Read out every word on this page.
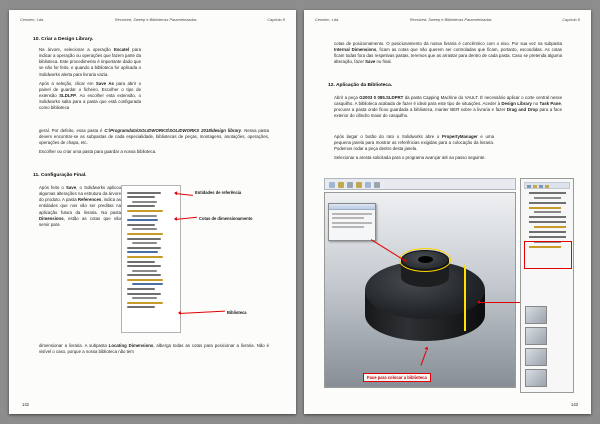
Cenotec, Lda.	Revolved, Sweep e Bibliotecas Parametrizadas	Capítulo 8
10. Criar a Design Library.

Na árvore, selecionar a operação Escatel para indicar a operação ou operações que fazem parte da biblioteca. Este procedimento é importante dado que se não for feito, e quando a biblioteca for aplicada o Solidworks alerta para livraria vazia.

Após a seleção, clicar em Save As para abrir o painel de guardar o ficheiro. Escolher o tipo de extensão SLDLFP. Ao escolher esta extensão, o Solidworks salta para a pasta que está configurada como biblioteca

geral. Por defeito, essa pasta é C:\Programdata\SOLIDWORKS\SOLIDWORKS 2018\design library. Nessa pasta devem encontrar-se as subpastas de cada especialidade, bibliotecas de peças, montagens, anotações, operações, operações de chapa, etc.

Escolher ou criar uma pasta para guardar a nossa biblioteca.

11. Configuração Final.

Após feito o Save, o Solidworks aplicou algumas alterações na estrutura da árvore do produto. A pasta References, indica as entidades que nos vão ser preditas na aplicação futura da livraria. Na pasta Dimensions, estão as cotas que vão servir para

Entidades de referência
Cotas de dimensionamento
Biblioteca

dimensionar a livraria. A subpasta Locating Dimensions, alberga todas as cotas para posicionar a livraria. Não é visível o caso, porque a nossa biblioteca não tem

142
Cenotec, Lda.	Revolved, Sweep e Bibliotecas Parametrizadas	Capítulo 8

cotas de posicionamento. O posicionamento da nossa livraria é concêntrico com o eixo. Por sua vez na subpasta Internal Dimensions, ficam as cotas que não querem ser controladas que ficam, portanto, escondidas. As cotas ficam todas fora das respetivas pastas, teremos que as arrastar para dentro de cada pasta. Caso se pretenda alguma alteração, fazer Save no final.

12. Aplicação da Biblioteca.

Abrir a peça G2003 0 085.SLDPRT da pasta Capping Machine do VAULT. É necessário aplicar o corte central nesse casquilho. A biblioteca acabada de fazer é ideal para este tipo de situações. Aceder à Design Library no Task Pane, procurar a pasta onde ficou guardada a biblioteca, manter BER sobre a livraria e fazer Drag and Drop para a face exterior do cilindro maior do casquilho.

Após largar o botão do rato o Solidworks abre o PropertyManager e uma pequena janela para mostrar as referências exigidas para a colocação da livraria. Podemos rodar a peça dentro desta janela.

Selecionar a aresta solicitada para o programa avançar até ao passo seguinte.

Face para colocar a biblioteca
143
